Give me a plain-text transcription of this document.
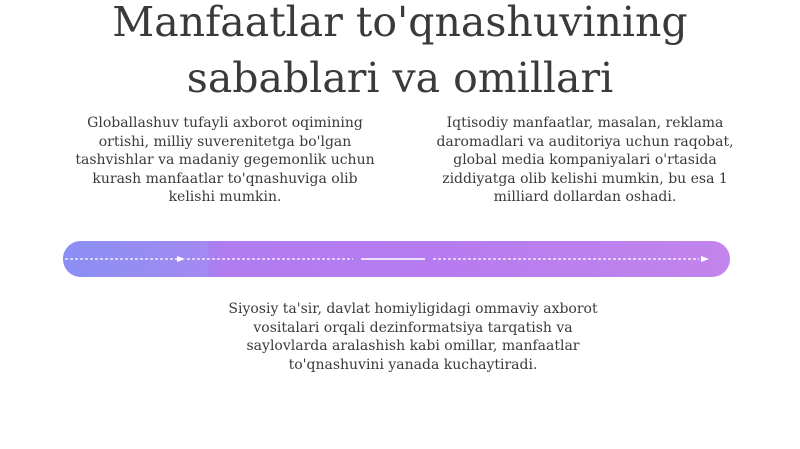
Manfaatlar to'qnashuvining
sabablari va omillari
Globallashuv tufayli axborot oqimining ortishi, milliy suverenitetga bo'lgan tashvishlar va madaniy gegemonlik uchun kurash manfaatlar to'qnashuviga olib kelishi mumkin.
Iqtisodiy manfaatlar, masalan, reklama daromadlari va auditoriya uchun raqobat, global media kompaniyalari o'rtasida ziddiyatga olib kelishi mumkin, bu esa 1 milliard dollardan oshadi.
Siyosiy ta'sir, davlat homiyligidagi ommaviy axborot vositalari orqali dezinformatsiya tarqatish va saylovlarda aralashish kabi omillar, manfaatlar to'qnashuvini yanada kuchaytiradi.
